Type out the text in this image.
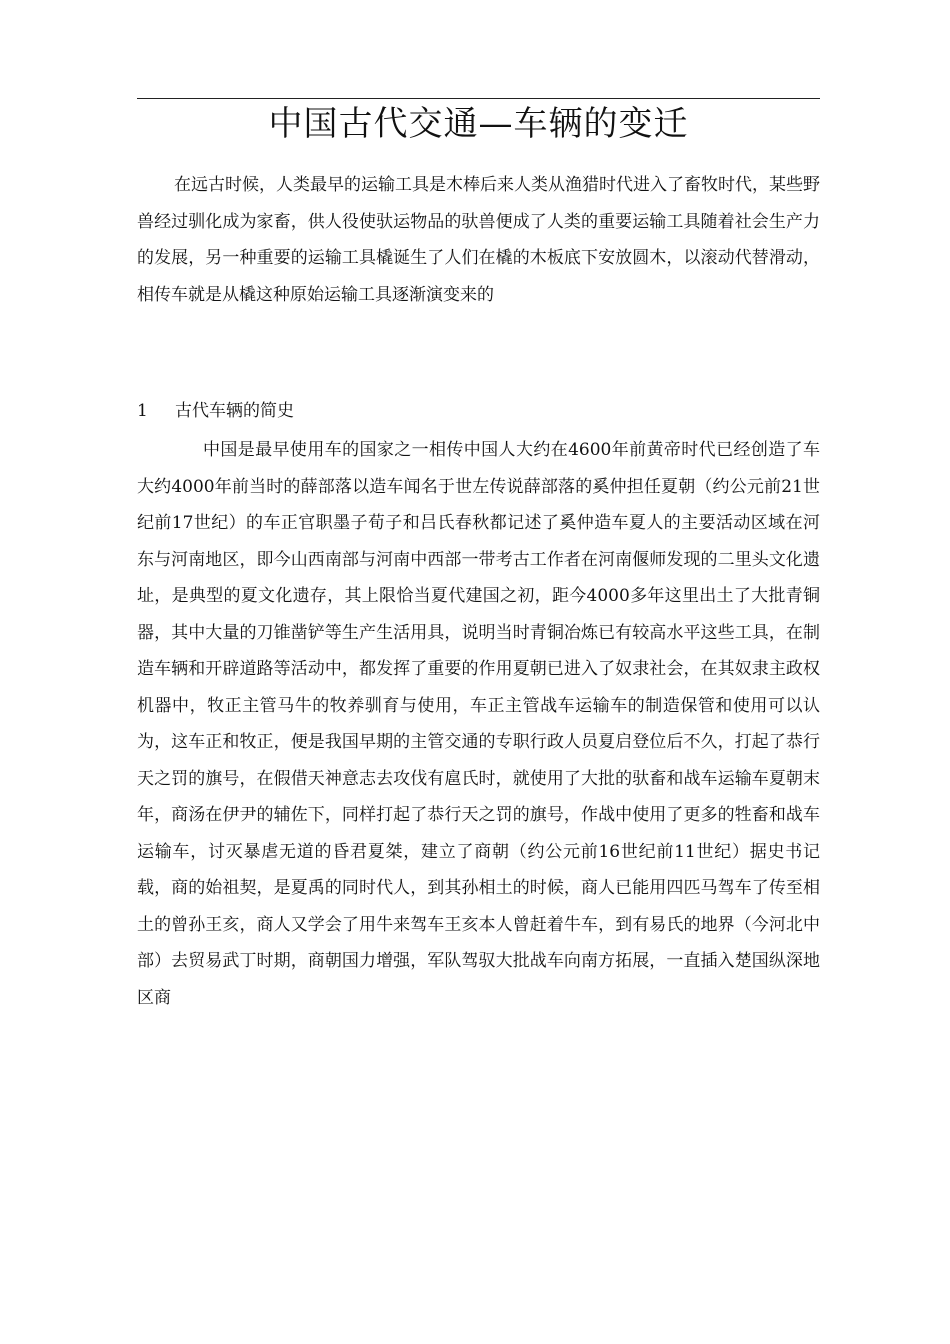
中国古代交通—车辆的变迁

在远古时候，人类最早的运输工具是木棒后来人类从渔猎时代进入了畜牧时代，某些野兽经过驯化成为家畜，供人役使驮运物品的驮兽便成了人类的重要运输工具随着社会生产力的发展，另一种重要的运输工具橇诞生了人们在橇的木板底下安放圆木，以滚动代替滑动，相传车就是从橇这种原始运输工具逐渐演变来的

1 古代车辆的简史

中国是最早使用车的国家之一相传中国人大约在4600年前黄帝时代已经创造了车大约4000年前当时的薛部落以造车闻名于世左传说薛部落的奚仲担任夏朝（约公元前21世纪前17世纪）的车正官职墨子荀子和吕氏春秋都记述了奚仲造车夏人的主要活动区域在河东与河南地区，即今山西南部与河南中西部一带考古工作者在河南偃师发现的二里头文化遗址，是典型的夏文化遗存，其上限恰当夏代建国之初，距今4000多年这里出土了大批青铜器，其中大量的刀锥凿铲等生产生活用具，说明当时青铜冶炼已有较高水平这些工具，在制造车辆和开辟道路等活动中，都发挥了重要的作用夏朝已进入了奴隶社会，在其奴隶主政权机器中，牧正主管马牛的牧养驯育与使用，车正主管战车运输车的制造保管和使用可以认为，这车正和牧正，便是我国早期的主管交通的专职行政人员夏启登位后不久，打起了恭行天之罚的旗号，在假借天神意志去攻伐有扈氏时，就使用了大批的驮畜和战车运输车夏朝末年，商汤在伊尹的辅佐下，同样打起了恭行天之罚的旗号，作战中使用了更多的牲畜和战车运输车，讨灭暴虐无道的昏君夏桀，建立了商朝（约公元前16世纪前11世纪）据史书记载，商的始祖契，是夏禹的同时代人，到其孙相土的时候，商人已能用四匹马驾车了传至相土的曾孙王亥，商人又学会了用牛来驾车王亥本人曾赶着牛车，到有易氏的地界（今河北中部）去贸易武丁时期，商朝国力增强，军队驾驭大批战车向南方拓展，一直插入楚国纵深地区商
